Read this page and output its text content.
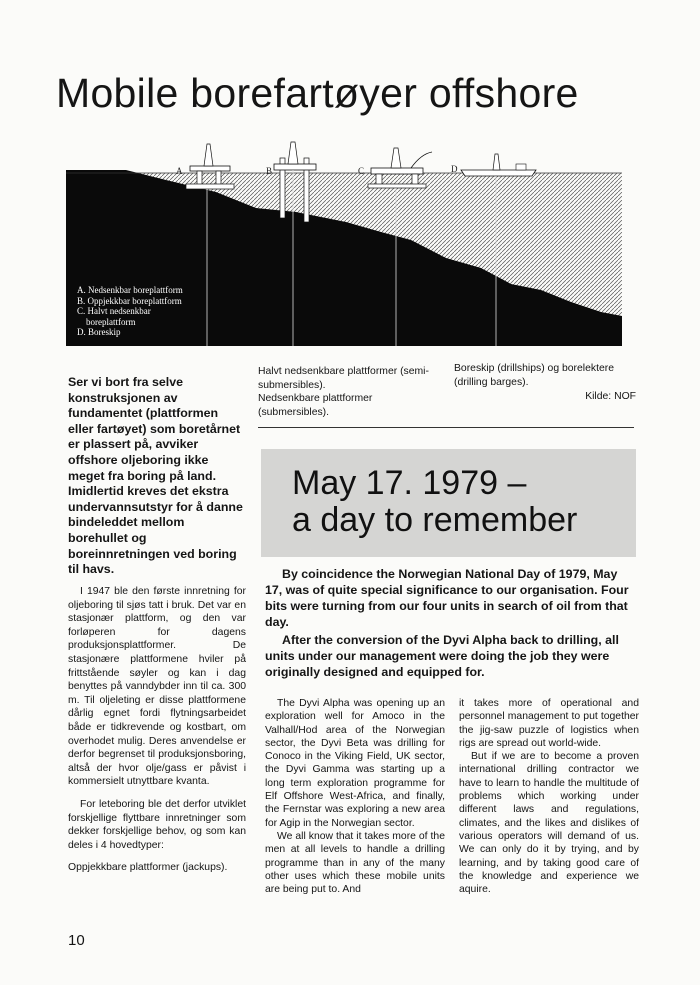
Mobile borefartøyer offshore
A	B	C	D
A. Nedsenkbar boreplattform
B. Oppjekkbar boreplattform
C. Halvt nedsenkbar
boreplattform
D. Boreskip

Halvt nedsenkbare plattformer (semi-submersibles).

Nedsenkbare plattformer (submersibles).

Boreskip (drillships) og borelektere (drilling barges).

Kilde: NOF

Ser vi bort fra selve konstruksjonen av fundamentet (plattformen eller fartøyet) som boretårnet er plassert på, avviker offshore oljeboring ikke meget fra boring på land. Imidlertid kreves det ekstra undervannsutstyr for å danne bindeleddet mellom borehullet og boreinnretningen ved boring til havs.

I 1947 ble den første innretning for oljeboring til sjøs tatt i bruk. Det var en stasjonær plattform, og den var forløperen for dagens produksjonsplattformer. De stasjonære plattformene hviler på frittstående søyler og kan i dag benyttes på vanndybder inn til ca. 300 m. Til oljeleting er disse plattformene dårlig egnet fordi flytningsarbeidet både er tidkrevende og kostbart, om overhodet mulig. Deres anvendelse er derfor begrenset til produksjonsboring, altså der hvor olje/gass er påvist i kommersielt utnyttbare kvanta.

For leteboring ble det derfor utviklet forskjellige flyttbare innretninger som dekker forskjellige behov, og som kan deles i 4 hovedtyper:

Oppjekkbare plattformer (jackups).

May 17. 1979 –
a day to remember

By coincidence the Norwegian National Day of 1979, May 17, was of quite special significance to our organisation. Four bits were turning from our four units in search of oil from that day.

After the conversion of the Dyvi Alpha back to drilling, all units under our management were doing the job they were originally designed and equipped for.

The Dyvi Alpha was opening up an exploration well for Amoco in the Valhall/Hod area of the Norwegian sector, the Dyvi Beta was drilling for Conoco in the Viking Field, UK sector, the Dyvi Gamma was starting up a long term exploration programme for Elf Offshore West-Africa, and finally, the Fernstar was exploring a new area for Agip in the Norwegian sector.

We all know that it takes more of the men at all levels to handle a drilling programme than in any of the many other uses which these mobile units are being put to. And

it takes more of operational and personnel management to put together the jig-saw puzzle of logistics when rigs are spread out world-wide.

But if we are to become a proven international drilling contractor we have to learn to handle the multitude of problems which working under different laws and regulations, climates, and the likes and dislikes of various operators will demand of us. We can only do it by trying, and by learning, and by taking good care of the knowledge and experience we aquire.

10
